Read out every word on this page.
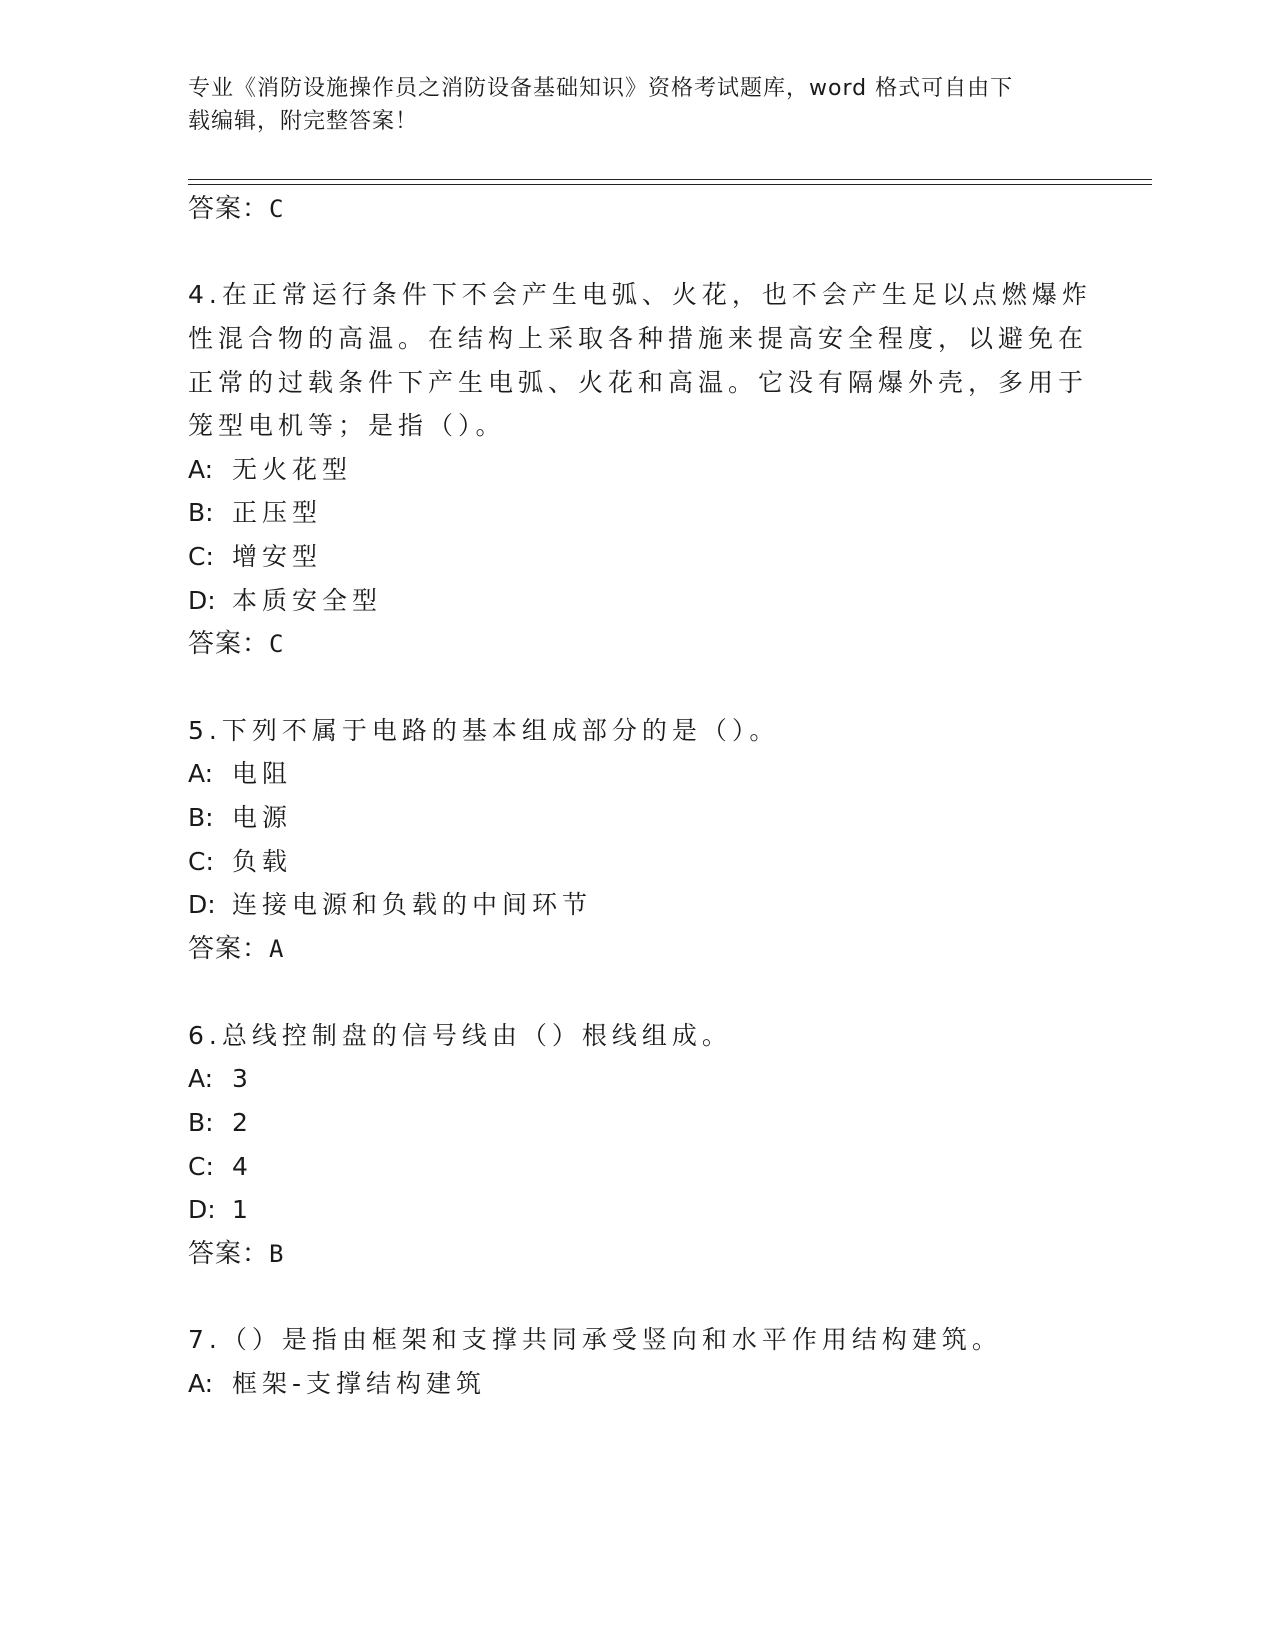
专业《消防设施操作员之消防设备基础知识》资格考试题库，word 格式可自由下
载编辑，附完整答案！
答案：C
4.在正常运行条件下不会产生电弧、火花，也不会产生足以点燃爆炸
性混合物的高温。在结构上采取各种措施来提高安全程度，以避免在
正常的过载条件下产生电弧、火花和高温。它没有隔爆外壳，多用于
笼型电机等；是指（）。
A: 无火花型
B: 正压型
C: 增安型
D: 本质安全型
答案：C
5.下列不属于电路的基本组成部分的是（）。
A: 电阻
B: 电源
C: 负载
D: 连接电源和负载的中间环节
答案：A
6.总线控制盘的信号线由（）根线组成。
A: 3
B: 2
C: 4
D: 1
答案：B
7.（）是指由框架和支撑共同承受竖向和水平作用结构建筑。
A: 框架-支撑结构建筑
